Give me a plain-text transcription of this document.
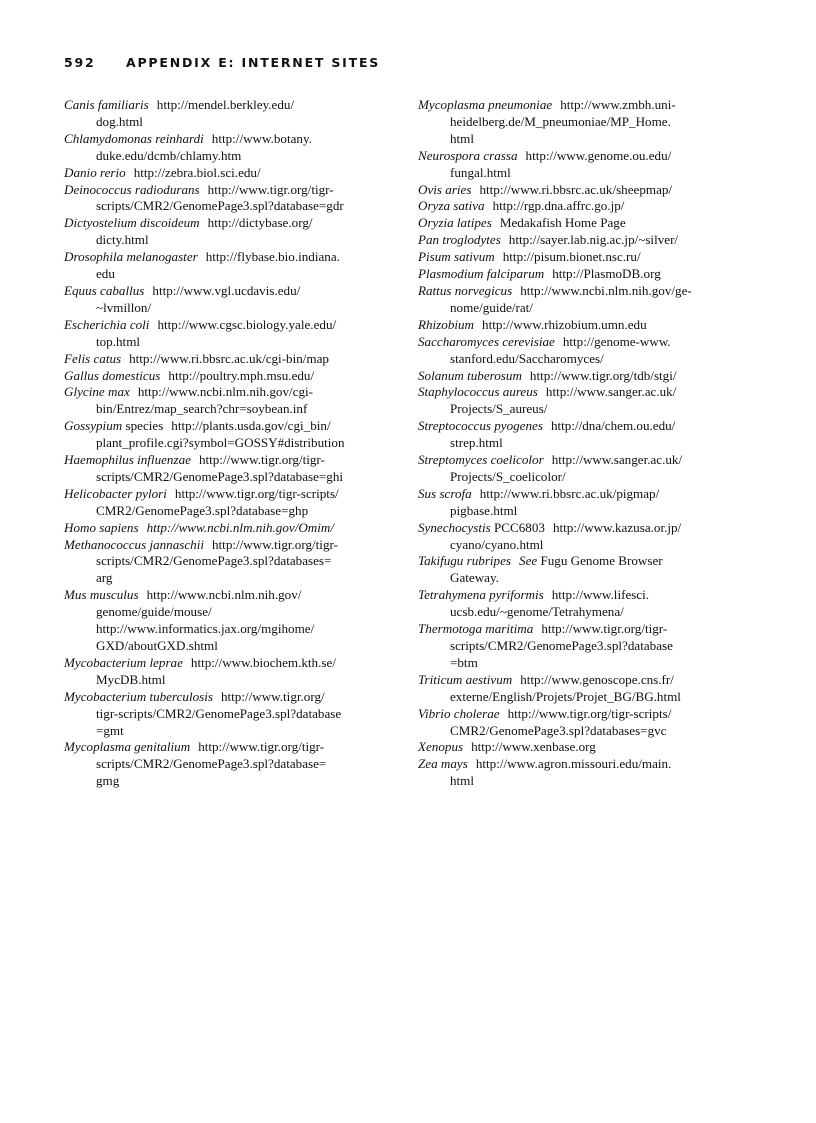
592 APPENDIX E: INTERNET SITES

Canis familiaris http://mendel.berkley.edu/
dog.html

Chlamydomonas reinhardi http://www.botany.
duke.edu/dcmb/chlamy.htm

Danio rerio http://zebra.biol.sci.edu/

Deinococcus radiodurans http://www.tigr.org/tigr-
scripts/CMR2/GenomePage3.spl?database=gdr

Dictyostelium discoideum http://dictybase.org/
dicty.html

Drosophila melanogaster http://flybase.bio.indiana.
edu

Equus caballus http://www.vgl.ucdavis.edu/
~lvmillon/

Escherichia coli http://www.cgsc.biology.yale.edu/
top.html

Felis catus http://www.ri.bbsrc.ac.uk/cgi-bin/map

Gallus domesticus http://poultry.mph.msu.edu/

Glycine max http://www.ncbi.nlm.nih.gov/cgi-
bin/Entrez/map_search?chr=soybean.inf

Gossypium species http://plants.usda.gov/cgi_bin/
plant_profile.cgi?symbol=GOSSY#distribution

Haemophilus influenzae http://www.tigr.org/tigr-
scripts/CMR2/GenomePage3.spl?database=ghi

Helicobacter pylori http://www.tigr.org/tigr-scripts/
CMR2/GenomePage3.spl?database=ghp

Homo sapiens http://www.ncbi.nlm.nih.gov/Omim/

Methanococcus jannaschii http://www.tigr.org/tigr-
scripts/CMR2/GenomePage3.spl?databases=
arg

Mus musculus http://www.ncbi.nlm.nih.gov/
genome/guide/mouse/
http://www.informatics.jax.org/mgihome/
GXD/aboutGXD.shtml

Mycobacterium leprae http://www.biochem.kth.se/
MycDB.html

Mycobacterium tuberculosis http://www.tigr.org/
tigr-scripts/CMR2/GenomePage3.spl?database
=gmt

Mycoplasma genitalium http://www.tigr.org/tigr-
scripts/CMR2/GenomePage3.spl?database=
gmg

Mycoplasma pneumoniae http://www.zmbh.uni-
heidelberg.de/M_pneumoniae/MP_Home.
html

Neurospora crassa http://www.genome.ou.edu/
fungal.html

Ovis aries http://www.ri.bbsrc.ac.uk/sheepmap/

Oryza sativa http://rgp.dna.affrc.go.jp/

Oryzia latipes Medakafish Home Page

Pan troglodytes http://sayer.lab.nig.ac.jp/~silver/

Pisum sativum http://pisum.bionet.nsc.ru/

Plasmodium falciparum http://PlasmoDB.org

Rattus norvegicus http://www.ncbi.nlm.nih.gov/ge-
nome/guide/rat/

Rhizobium http://www.rhizobium.umn.edu

Saccharomyces cerevisiae http://genome-www.
stanford.edu/Saccharomyces/

Solanum tuberosum http://www.tigr.org/tdb/stgi/

Staphylococcus aureus http://www.sanger.ac.uk/
Projects/S_aureus/

Streptococcus pyogenes http://dna/chem.ou.edu/
strep.html

Streptomyces coelicolor http://www.sanger.ac.uk/
Projects/S_coelicolor/

Sus scrofa http://www.ri.bbsrc.ac.uk/pigmap/
pigbase.html

Synechocystis PCC6803 http://www.kazusa.or.jp/
cyano/cyano.html

Takifugu rubripes See Fugu Genome Browser
Gateway.

Tetrahymena pyriformis http://www.lifesci.
ucsb.edu/~genome/Tetrahymena/

Thermotoga maritima http://www.tigr.org/tigr-
scripts/CMR2/GenomePage3.spl?database
=btm

Triticum aestivum http://www.genoscope.cns.fr/
externe/English/Projets/Projet_BG/BG.html

Vibrio cholerae http://www.tigr.org/tigr-scripts/
CMR2/GenomePage3.spl?databases=gvc

Xenopus http://www.xenbase.org

Zea mays http://www.agron.missouri.edu/main.
html
